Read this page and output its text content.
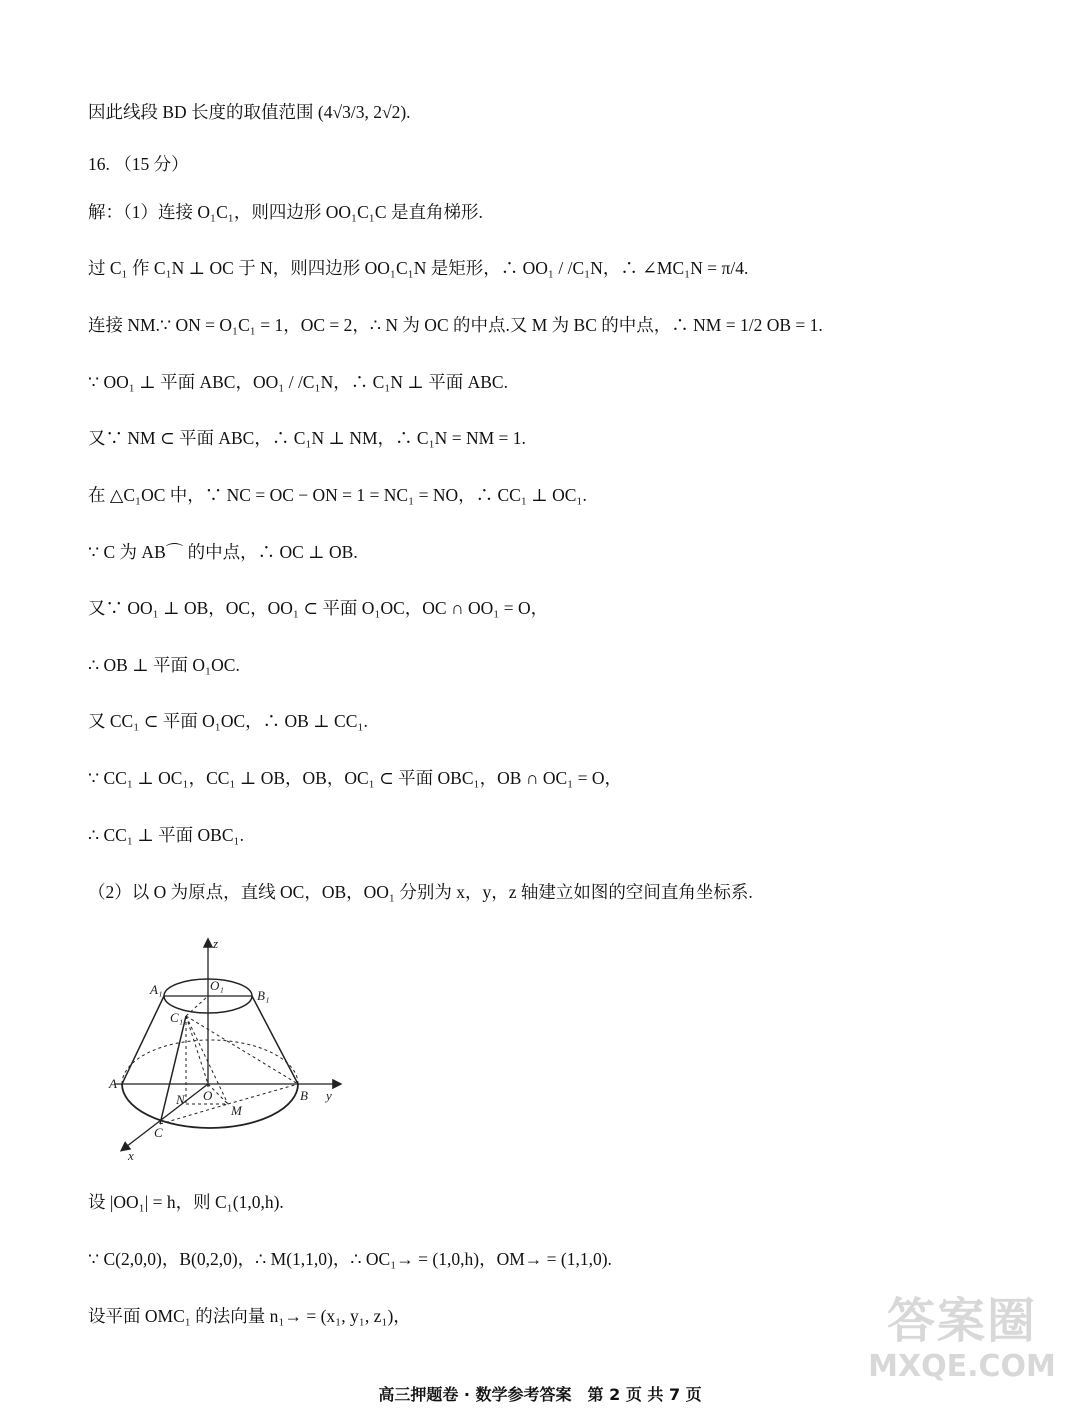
因此线段 BD 长度的取值范围 (4√3/3, 2√2).
16. （15 分）
解：（1）连接 O₁C₁，则四边形 OO₁C₁C 是直角梯形.
过 C₁ 作 C₁N ⊥ OC 于 N，则四边形 OO₁C₁N 是矩形，∴ OO₁ / /C₁N，∴ ∠MC₁N = π/4.
连接 NM.∵ ON = O₁C₁ = 1，OC = 2，∴ N 为 OC 的中点.又 M 为 BC 的中点，∴ NM = 1/2 OB = 1.
∵ OO₁ ⊥ 平面 ABC，OO₁ / /C₁N，∴ C₁N ⊥ 平面 ABC.
又∵ NM ⊂ 平面 ABC，∴ C₁N ⊥ NM，∴ C₁N = NM = 1.
在 △C₁OC 中，∵ NC = OC − ON = 1 = NC₁ = NO，∴ CC₁ ⊥ OC₁.
∵ C 为 AB⌒ 的中点，∴ OC ⊥ OB.
又∵ OO₁ ⊥ OB，OC，OO₁ ⊂ 平面 O₁OC，OC ∩ OO₁ = O，
∴ OB ⊥ 平面 O₁OC.
又 CC₁ ⊂ 平面 O₁OC，∴ OB ⊥ CC₁.
∵ CC₁ ⊥ OC₁，CC₁ ⊥ OB，OB，OC₁ ⊂ 平面 OBC₁，OB ∩ OC₁ = O，
∴ CC₁ ⊥ 平面 OBC₁.
（2）以 O 为原点，直线 OC，OB，OO₁ 分别为 x，y，z 轴建立如图的空间直角坐标系.
z
y
x
O₁
A₁	B₁
C₁
A
B
C
O
N
M
设 |OO₁| = h，则 C₁(1,0,h).
∵ C(2,0,0)，B(0,2,0)，∴ M(1,1,0)，∴ OC₁→ = (1,0,h)，OM→ = (1,1,0).
设平面 OMC₁ 的法向量 n₁→ = (x₁, y₁, z₁)，
高三押题卷 · 数学参考答案　第 2 页 共 7 页
答案圈
MXQE.COM
